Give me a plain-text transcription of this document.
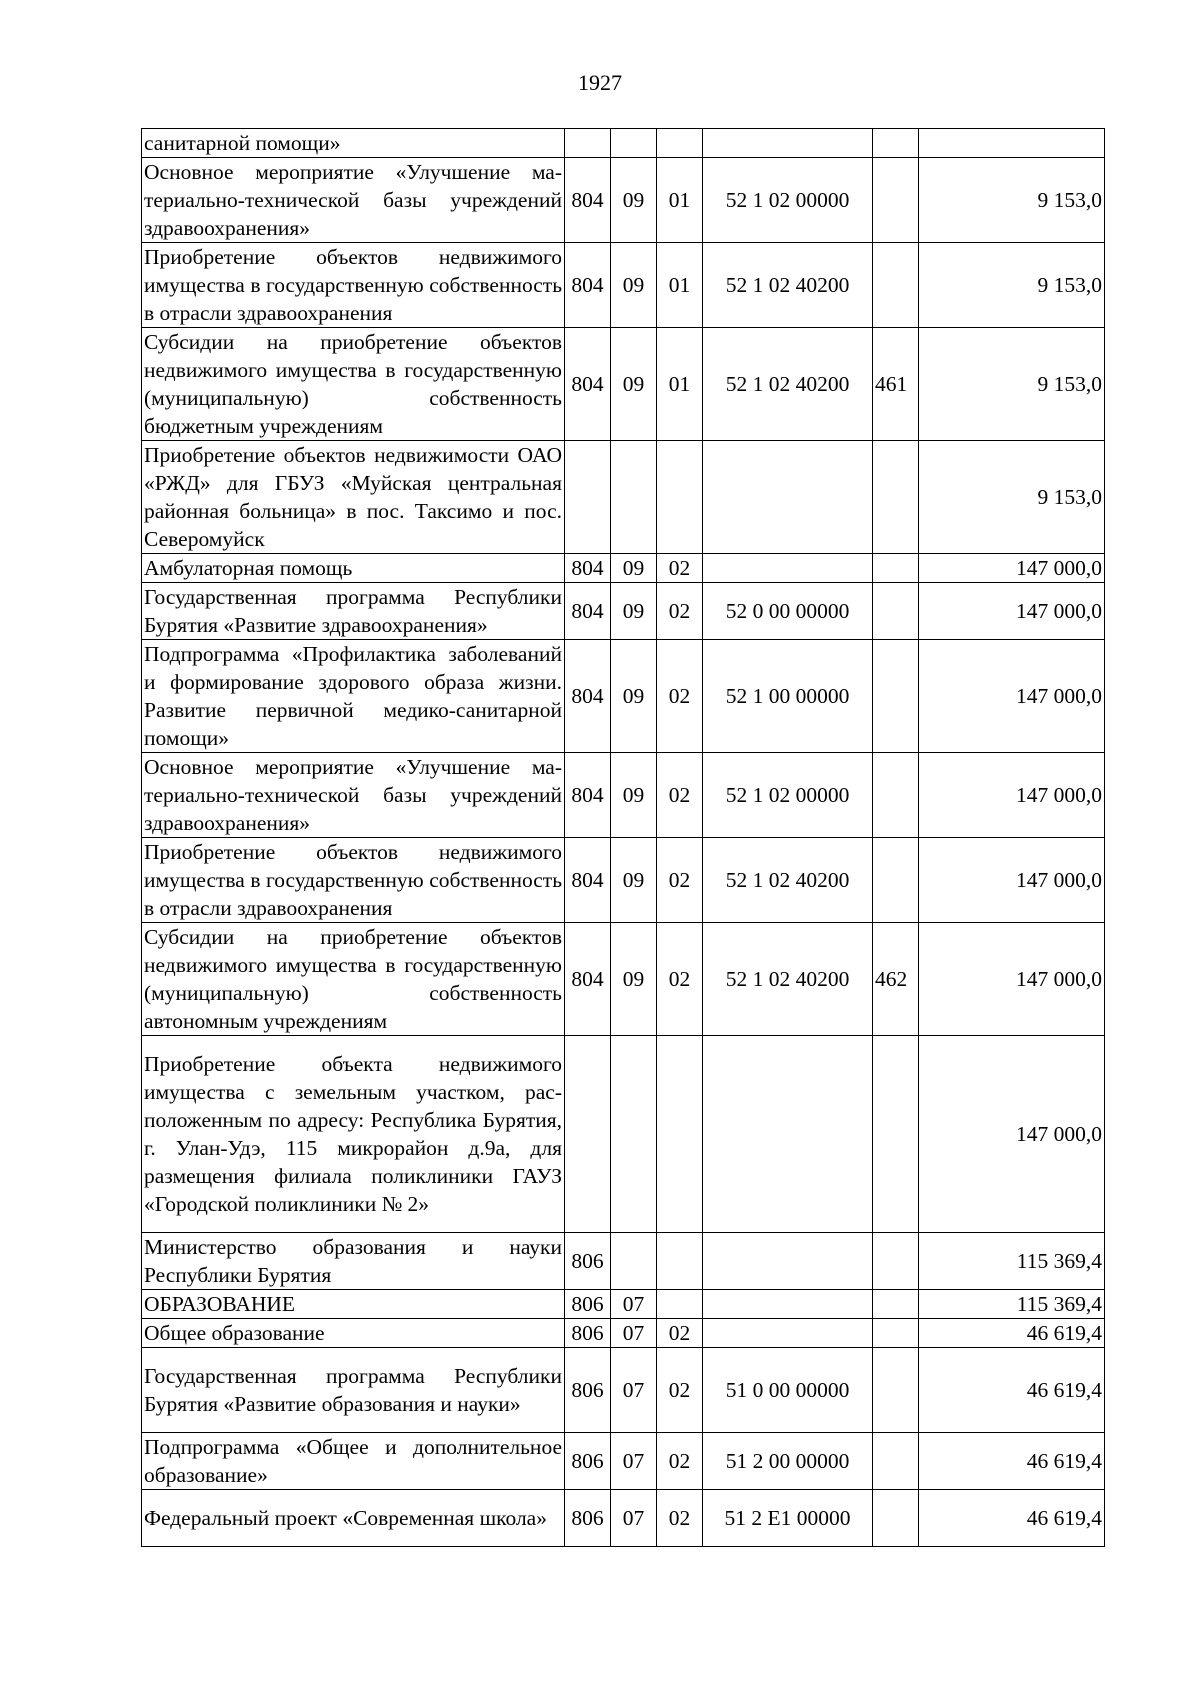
1927
санитарной помощи»						
Основное мероприятие «Улучшение материально-технической базы учреждений здравоохранения»	804	09	01	52 1 02 00000		9 153,0
Приобретение объектов недвижимого имущества в государственную собственность в отрасли здравоохранения	804	09	01	52 1 02 40200		9 153,0
Субсидии на приобретение объектов недвижимого имущества в государственную (муниципальную) собственность бюджетным учреждениям	804	09	01	52 1 02 40200	461	9 153,0
Приобретение объектов недвижимости ОАО «РЖД» для ГБУЗ «Муйская центральная районная больница» в пос. Таксимо и пос. Северомуйск						9 153,0
Амбулаторная помощь	804	09	02			147 000,0
Государственная программа Республики Бурятия «Развитие здравоохранения»	804	09	02	52 0 00 00000		147 000,0
Подпрограмма «Профилактика заболеваний и формирование здорового образа жизни. Развитие первичной медико-санитарной помощи»	804	09	02	52 1 00 00000		147 000,0
Основное мероприятие «Улучшение материально-технической базы учреждений здравоохранения»	804	09	02	52 1 02 00000		147 000,0
Приобретение объектов недвижимого имущества в государственную собственность в отрасли здравоохранения	804	09	02	52 1 02 40200		147 000,0
Субсидии на приобретение объектов недвижимого имущества в государственную (муниципальную) собственность автономным учреждениям	804	09	02	52 1 02 40200	462	147 000,0
Приобретение объекта недвижимого имущества с земельным участком, расположенным по адресу: Республика Бурятия, г. Улан-Удэ, 115 микрорайон д.9а, для размещения филиала поликлиники ГАУЗ «Городской поликлиники № 2»						147 000,0
Министерство образования и науки Республики Бурятия	806					115 369,4
ОБРАЗОВАНИЕ	806	07				115 369,4
Общее образование	806	07	02			46 619,4
Государственная программа Республики Бурятия «Развитие образования и науки»	806	07	02	51 0 00 00000		46 619,4
Подпрограмма «Общее и дополнительное образование»	806	07	02	51 2 00 00000		46 619,4
Федеральный проект «Современная школа»	806	07	02	51 2 E1 00000		46 619,4
